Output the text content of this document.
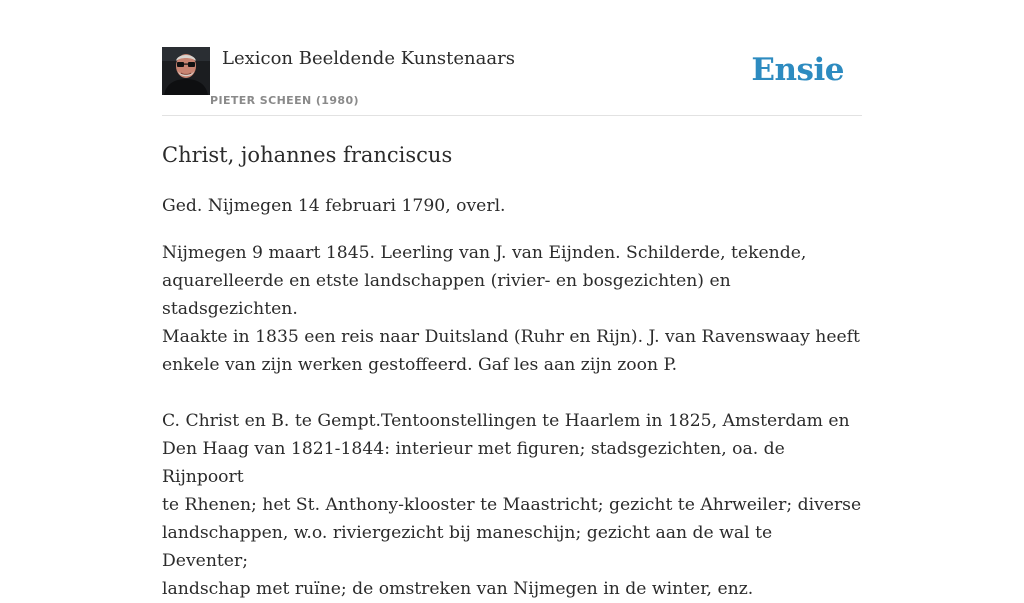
Lexicon Beeldende Kunstenaars
PIETER SCHEEN (1980)
Ensie
Christ, johannes franciscus

Ged. Nijmegen 14 februari 1790, overl.

Nijmegen 9 maart 1845. Leerling van J. van Eijnden. Schilderde, tekende,
aquarelleerde en etste landschappen (rivier- en bosgezichten) en stadsgezichten.
Maakte in 1835 een reis naar Duitsland (Ruhr en Rijn). J. van Ravenswaay heeft
enkele van zijn werken gestoffeerd. Gaf les aan zijn zoon P.

C. Christ en B. te Gempt.Tentoonstellingen te Haarlem in 1825, Amsterdam en
Den Haag van 1821-1844: interieur met figuren; stadsgezichten, oa. de Rijnpoort
te Rhenen; het St. Anthony-klooster te Maastricht; gezicht te Ahrweiler; diverse
landschappen, w.o. riviergezicht bij maneschijn; gezicht aan de wal te Deventer;
landschap met ruïne; de omstreken van Nijmegen in de winter, enz.
